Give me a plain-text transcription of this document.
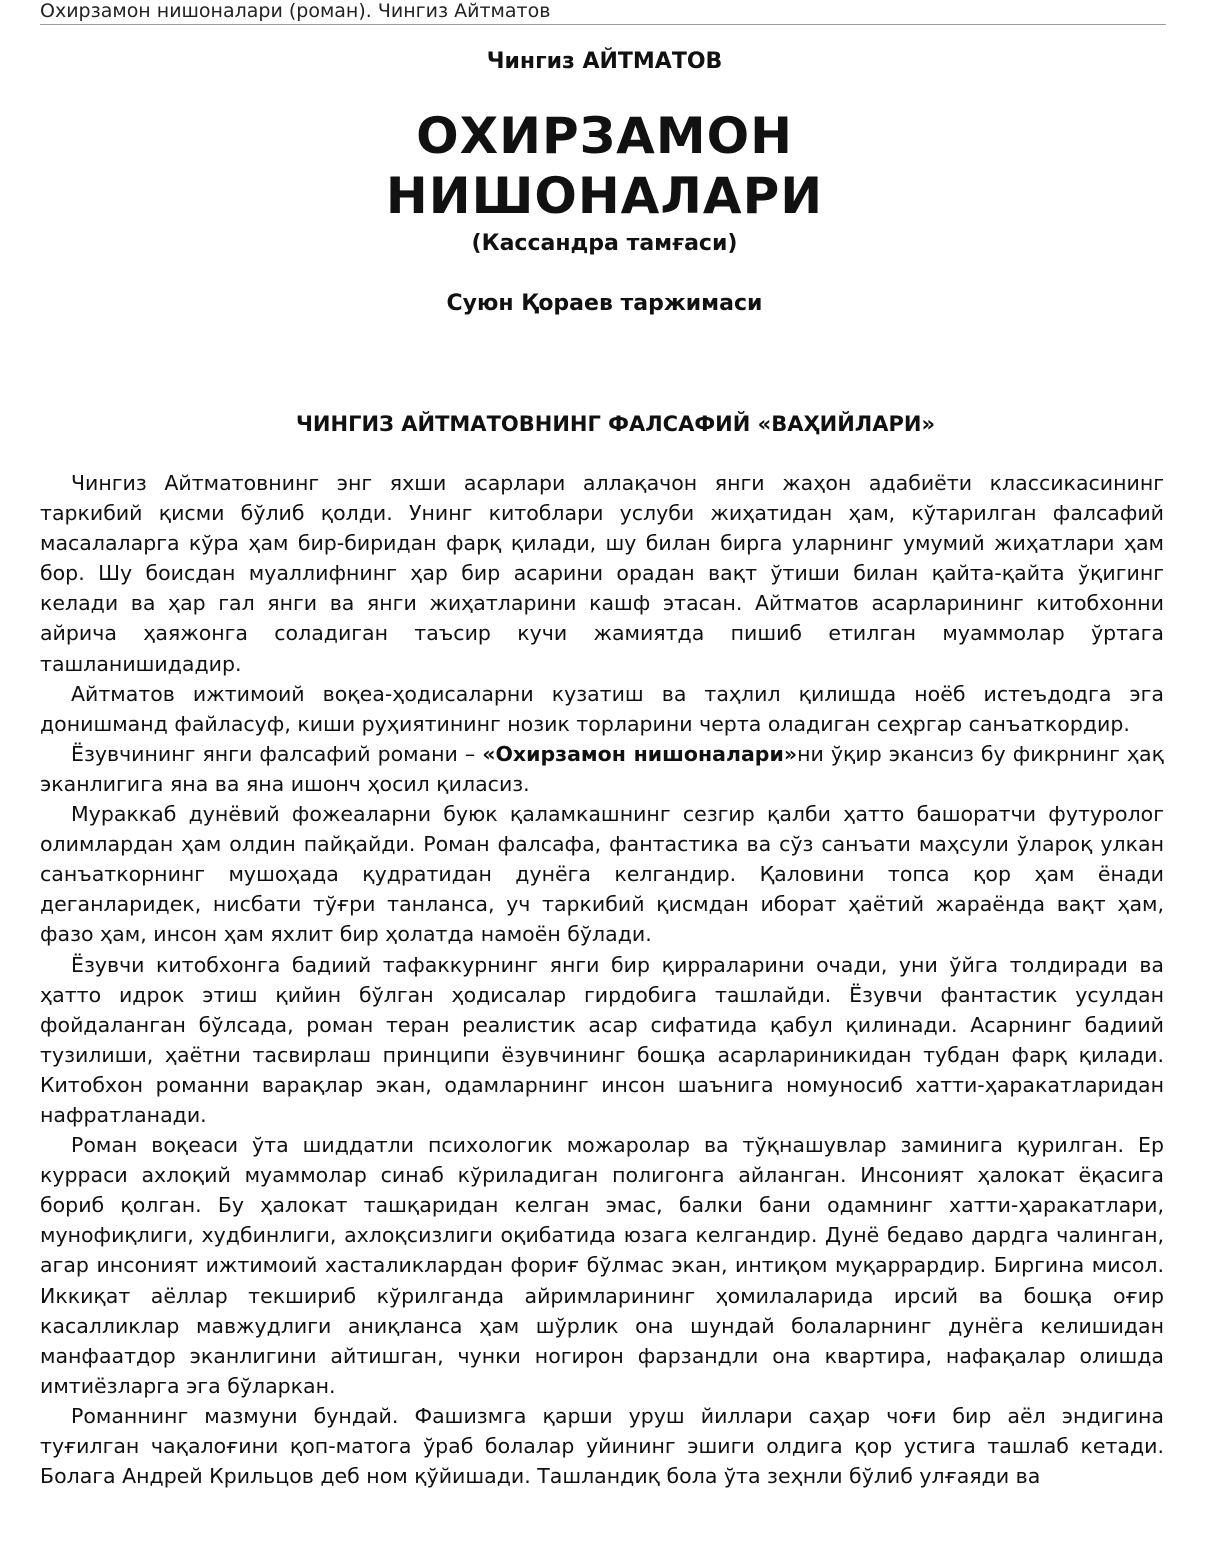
Охирзамон нишоналари (роман). Чингиз Айтматов
Чингиз АЙТМАТОВ
ОХИРЗАМОН
НИШОНАЛАРИ
(Кассандра тамғаси)
Суюн Қораев таржимаси
ЧИНГИЗ АЙТМАТОВНИНГ ФАЛСАФИЙ «ВАҲИЙЛАРИ»

Чингиз Айтматовнинг энг яхши асарлари аллақачон янги жаҳон адабиёти классикасининг таркибий қисми бўлиб қолди. Унинг китоблари услуби жиҳатидан ҳам, кўтарилган фалсафий масалаларга кўра ҳам бир-биридан фарқ қилади, шу билан бирга уларнинг умумий жиҳатлари ҳам бор. Шу боисдан муаллифнинг ҳар бир асарини орадан вақт ўтиши билан қайта-қайта ўқигинг келади ва ҳар гал янги ва янги жиҳатларини кашф этасан. Айтматов асарларининг китобхонни айрича ҳаяжонга соладиган таъсир кучи жамиятда пишиб етилган муаммолар ўртага ташланишидадир.

Айтматов ижтимоий воқеа-ҳодисаларни кузатиш ва таҳлил қилишда ноёб истеъдодга эга донишманд файласуф, киши руҳиятининг нозик торларини черта оладиган сеҳргар санъаткордир.

Ёзувчининг янги фалсафий романи – «Охирзамон нишоналари»ни ўқир экансиз бу фикрнинг ҳақ эканлигига яна ва яна ишонч ҳосил қиласиз.

Мураккаб дунёвий фожеаларни буюк қаламкашнинг сезгир қалби ҳатто башоратчи футуролог олимлардан ҳам олдин пайқайди. Роман фалсафа, фантастика ва сўз санъати маҳсули ўлароқ улкан санъаткорнинг мушоҳада қудратидан дунёга келгандир. Қаловини топса қор ҳам ёнади деганларидек, нисбати тўғри танланса, уч таркибий қисмдан иборат ҳаётий жараёнда вақт ҳам, фазо ҳам, инсон ҳам яхлит бир ҳолатда намоён бўлади.

Ёзувчи китобхонга бадиий тафаккурнинг янги бир қирраларини очади, уни ўйга толдиради ва ҳатто идрок этиш қийин бўлган ҳодисалар гирдобига ташлайди. Ёзувчи фантастик усулдан фойдаланган бўлсада, роман теран реалистик асар сифатида қабул қилинади. Асарнинг бадиий тузилиши, ҳаётни тасвирлаш принципи ёзувчининг бошқа асарлариникидан тубдан фарқ қилади. Китобхон романни варақлар экан, одамларнинг инсон шаънига номуносиб хатти-ҳаракатларидан нафратланади.

Роман воқеаси ўта шиддатли психологик можаролар ва тўқнашувлар заминига қурилган. Ер курраси ахлоқий муаммолар синаб кўриладиган полигонга айланган. Инсоният ҳалокат ёқасига бориб қолган. Бу ҳалокат ташқаридан келган эмас, балки бани одамнинг хатти-ҳаракатлари, мунофиқлиги, худбинлиги, ахлоқсизлиги оқибатида юзага келгандир. Дунё бедаво дардга чалинган, агар инсоният ижтимоий хасталиклардан фориғ бўлмас экан, интиқом муқаррардир. Биргина мисол. Иккиқат аёллар текшириб кўрилганда айримларининг ҳомилаларида ирсий ва бошқа оғир касалликлар мавжудлиги аниқланса ҳам шўрлик она шундай болаларнинг дунёга келишидан манфаатдор эканлигини айтишган, чунки ногирон фарзандли она квартира, нафақалар олишда имтиёзларга эга бўларкан.

Романнинг мазмуни бундай. Фашизмга қарши уруш йиллари саҳар чоғи бир аёл эндигина туғилган чақалоғини қоп-матога ўраб болалар уйининг эшиги олдига қор устига ташлаб кетади. Болага Андрей Крильцов деб ном қўйишади. Ташландиқ бола ўта зеҳнли бўлиб улғаяди ва
